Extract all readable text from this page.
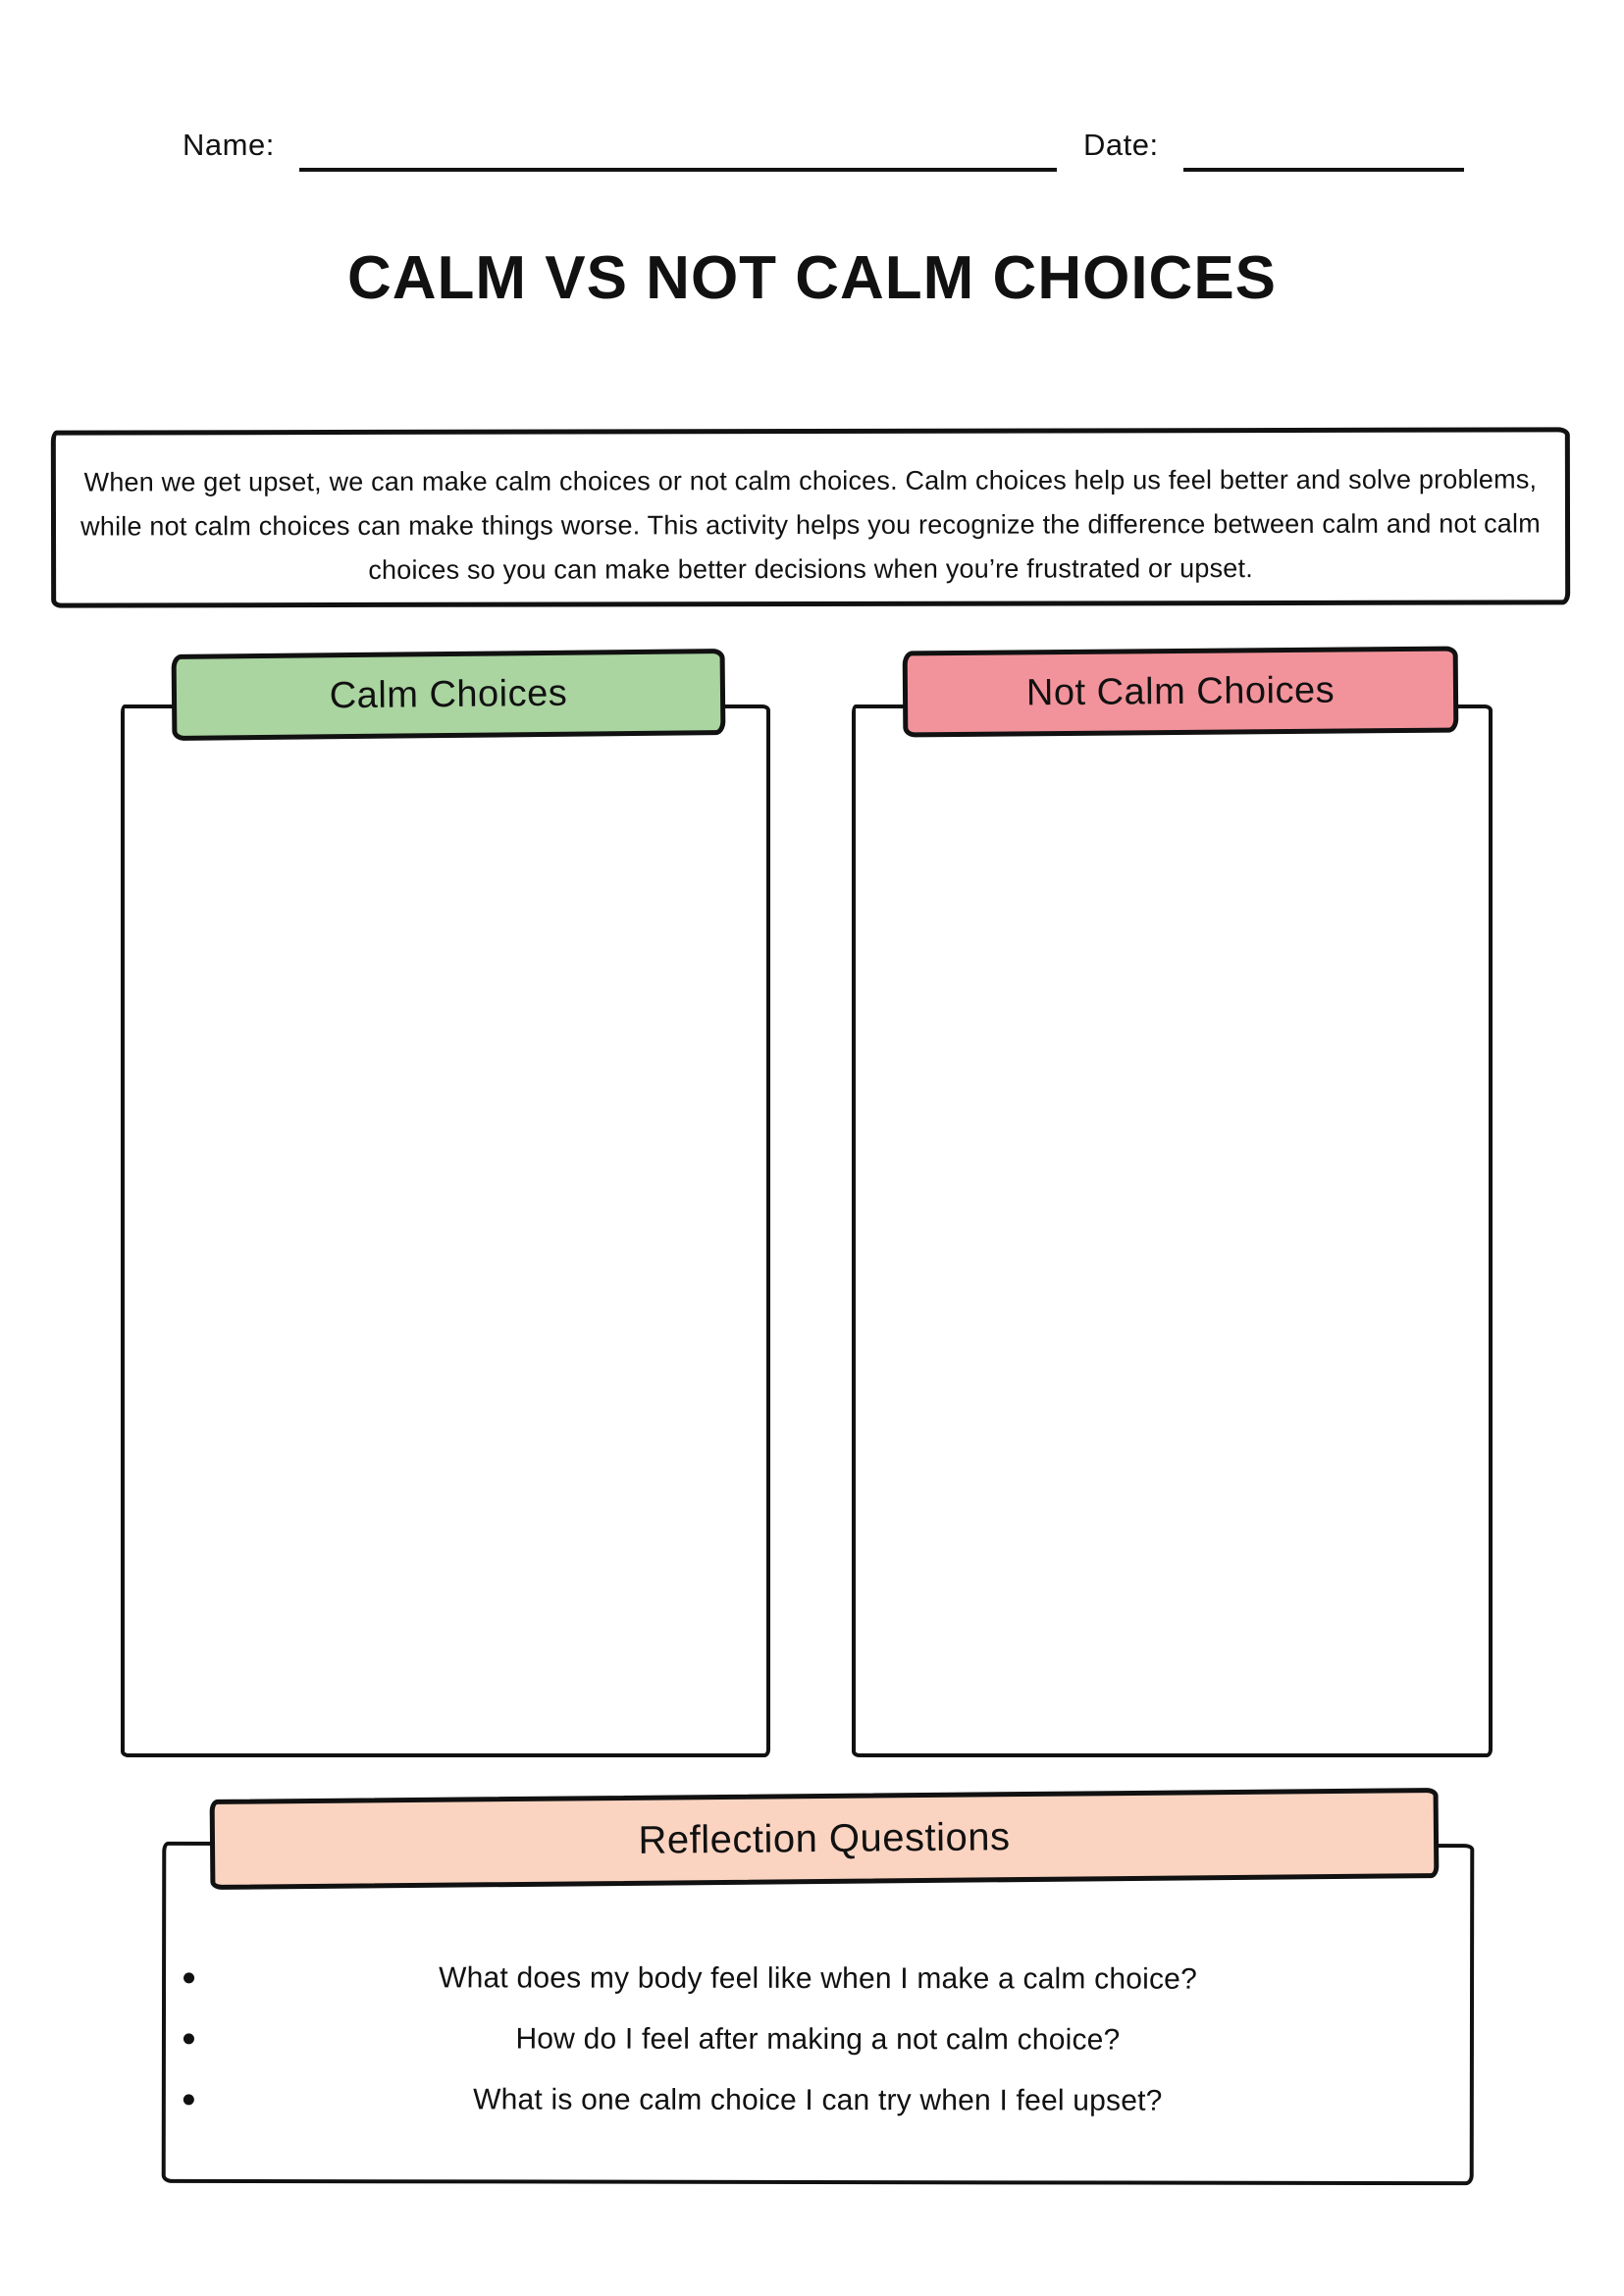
Name:	Date:
CALM VS NOT CALM CHOICES
When we get upset, we can make calm choices or not calm choices. Calm choices help us feel better and solve problems,
while not calm choices can make things worse. This activity helps you recognize the difference between calm and not calm
choices so you can make better decisions when you’re frustrated or upset.
Calm Choices	Not Calm Choices
What does my body feel like when I make a calm choice?
How do I feel after making a not calm choice?
What is one calm choice I can try when I feel upset?
Reflection Questions
